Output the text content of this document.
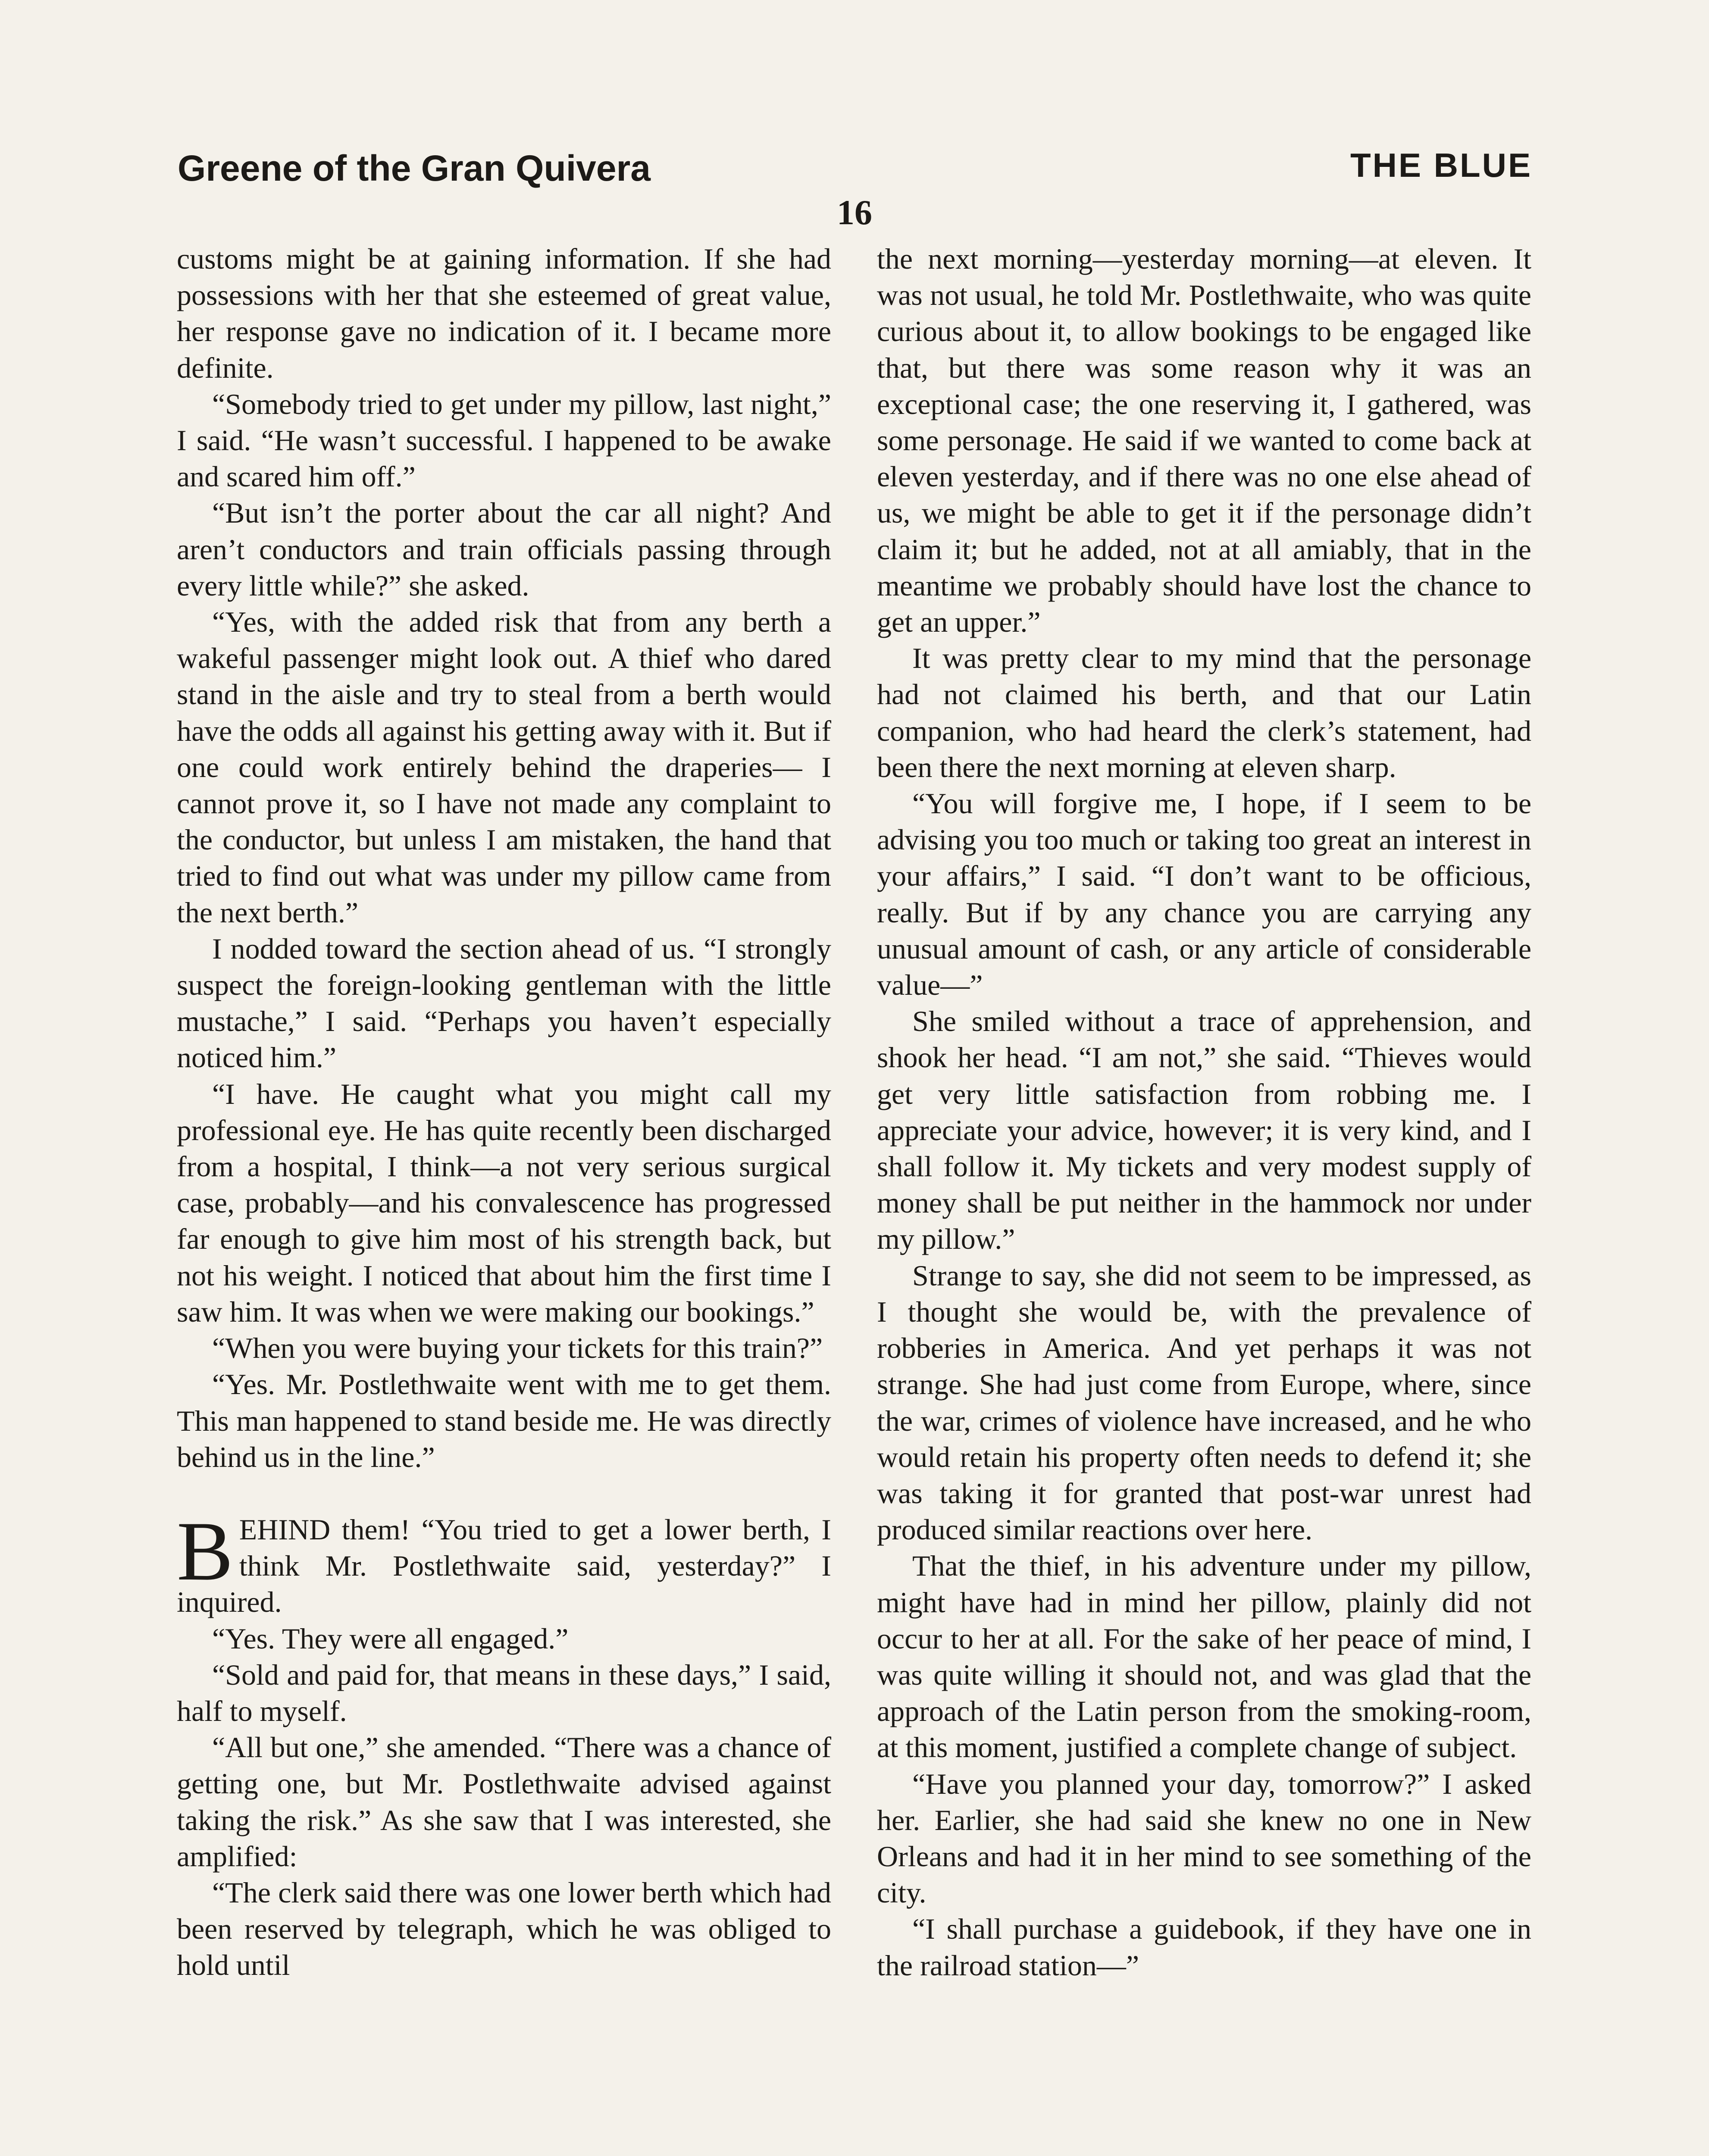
Greene of the Gran Quivera	THE BLUE
16

customs might be at gaining information. If she had possessions with her that she esteemed of great value, her response gave no indication of it. I became more definite.

“Somebody tried to get under my pillow, last night,” I said. “He wasn’t successful. I happened to be awake and scared him off.”

“But isn’t the porter about the car all night? And aren’t conductors and train officials passing through every little while?” she asked.

“Yes, with the added risk that from any berth a wakeful passenger might look out. A thief who dared stand in the aisle and try to steal from a berth would have the odds all against his getting away with it. But if one could work entirely behind the draperies— I cannot prove it, so I have not made any complaint to the conductor, but unless I am mistaken, the hand that tried to find out what was under my pillow came from the next berth.”

I nodded toward the section ahead of us. “I strongly suspect the foreign-looking gentleman with the little mustache,” I said. “Perhaps you haven’t especially noticed him.”

“I have. He caught what you might call my professional eye. He has quite recently been discharged from a hospital, I think—a not very serious surgical case, probably—and his convalescence has progressed far enough to give him most of his strength back, but not his weight. I noticed that about him the first time I saw him. It was when we were making our bookings.”

“When you were buying your tickets for this train?”

“Yes. Mr. Postlethwaite went with me to get them. This man happened to stand beside me. He was directly behind us in the line.”

BEHIND them! “You tried to get a lower berth, I think Mr. Postlethwaite said, yesterday?” I inquired.

“Yes. They were all engaged.”

“Sold and paid for, that means in these days,” I said, half to myself.

“All but one,” she amended. “There was a chance of getting one, but Mr. Postlethwaite advised against taking the risk.” As she saw that I was interested, she amplified:

“The clerk said there was one lower berth which had been reserved by telegraph, which he was obliged to hold until

the next morning—yesterday morning—at eleven. It was not usual, he told Mr. Postlethwaite, who was quite curious about it, to allow bookings to be engaged like that, but there was some reason why it was an exceptional case; the one reserving it, I gathered, was some personage. He said if we wanted to come back at eleven yesterday, and if there was no one else ahead of us, we might be able to get it if the personage didn’t claim it; but he added, not at all amiably, that in the meantime we probably should have lost the chance to get an upper.”

It was pretty clear to my mind that the personage had not claimed his berth, and that our Latin companion, who had heard the clerk’s statement, had been there the next morning at eleven sharp.

“You will forgive me, I hope, if I seem to be advising you too much or taking too great an interest in your affairs,” I said. “I don’t want to be officious, really. But if by any chance you are carrying any unusual amount of cash, or any article of considerable value—”

She smiled without a trace of apprehension, and shook her head. “I am not,” she said. “Thieves would get very little satisfaction from robbing me. I appreciate your advice, however; it is very kind, and I shall follow it. My tickets and very modest supply of money shall be put neither in the hammock nor under my pillow.”

Strange to say, she did not seem to be impressed, as I thought she would be, with the prevalence of robberies in America. And yet perhaps it was not strange. She had just come from Europe, where, since the war, crimes of violence have increased, and he who would retain his property often needs to defend it; she was taking it for granted that post-war unrest had produced similar reactions over here.

That the thief, in his adventure under my pillow, might have had in mind her pillow, plainly did not occur to her at all. For the sake of her peace of mind, I was quite willing it should not, and was glad that the approach of the Latin person from the smoking-room, at this moment, justified a complete change of subject.

“Have you planned your day, tomorrow?” I asked her. Earlier, she had said she knew no one in New Orleans and had it in her mind to see something of the city.

“I shall purchase a guidebook, if they have one in the railroad station—”
